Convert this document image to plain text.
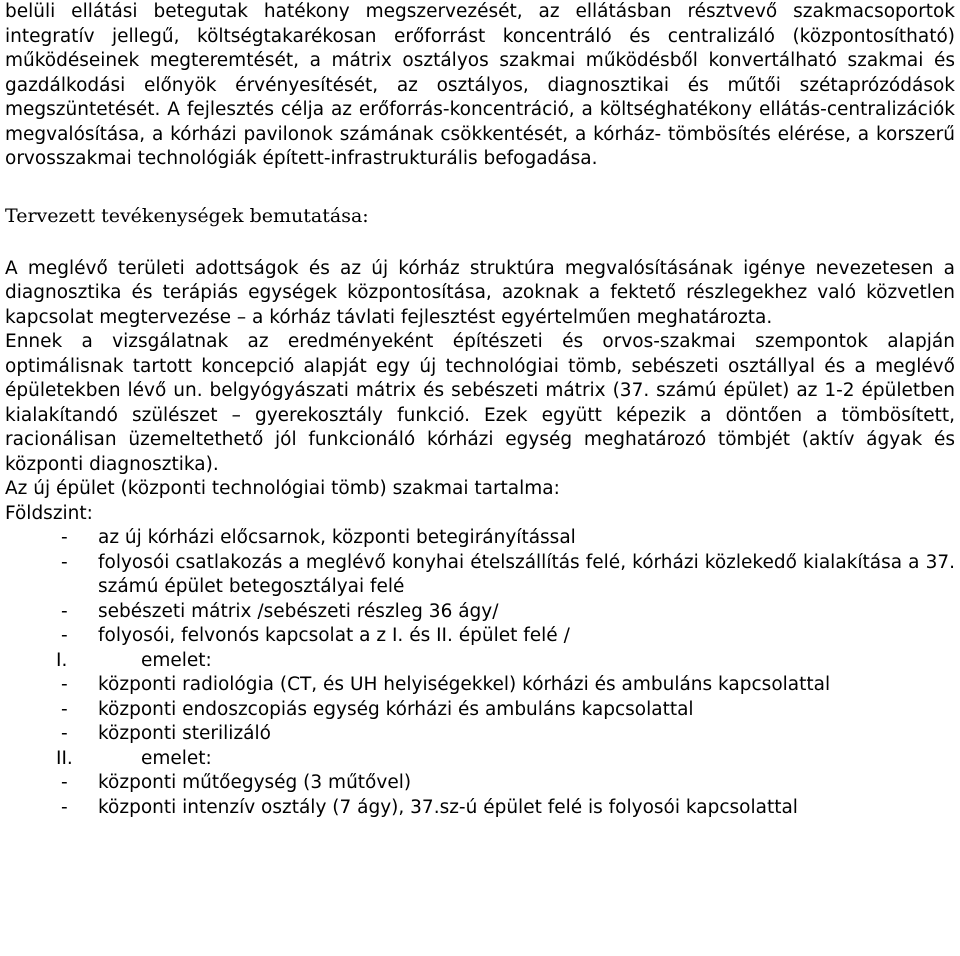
belüli ellátási betegutak hatékony megszervezését, az ellátásban résztvevő szakmacsoportok integratív jellegű, költségtakarékosan erőforrást koncentráló és centralizáló (központosítható) működéseinek megteremtését, a mátrix osztályos szakmai működésből konvertálható szakmai és gazdálkodási előnyök érvényesítését, az osztályos, diagnosztikai és műtői szétaprózódások megszüntetését. A fejlesztés célja az erőforrás-koncentráció, a költséghatékony ellátás-centralizációk megvalósítása, a kórházi pavilonok számának csökkentését, a kórház- tömbösítés elérése, a korszerű orvosszakmai technológiák épített-infrastrukturális befogadása.

Tervezett tevékenységek bemutatása:

A meglévő területi adottságok és az új kórház struktúra megvalósításának igénye nevezetesen a diagnosztika és terápiás egységek központosítása, azoknak a fektető részlegekhez való közvetlen kapcsolat megtervezése – a kórház távlati fejlesztést egyértelműen meghatározta.

Ennek a vizsgálatnak az eredményeként építészeti és orvos-szakmai szempontok alapján optimálisnak tartott koncepció alapját egy új technológiai tömb, sebészeti osztállyal és a meglévő épületekben lévő un. belgyógyászati mátrix és sebészeti mátrix (37. számú épület) az 1-2 épületben kialakítandó szülészet – gyerekosztály funkció. Ezek együtt képezik a döntően a tömbösített, racionálisan üzemeltethető jól funkcionáló kórházi egység meghatározó tömbjét (aktív ágyak és központi diagnosztika).

Az új épület (központi technológiai tömb) szakmai tartalma:

Földszint:

- az új kórházi előcsarnok, központi betegirányítással
- folyosói csatlakozás a meglévő konyhai ételszállítás felé, kórházi közlekedő kialakítása a 37. számú épület betegosztályai felé
- sebészeti mátrix /sebészeti részleg 36 ágy/
- folyosói, felvonós kapcsolat a z I. és II. épület felé /

I.	emelet:

- központi radiológia (CT, és UH helyiségekkel) kórházi és ambuláns kapcsolattal
- központi endoszcopiás egység kórházi és ambuláns kapcsolattal
- központi sterilizáló

II.	emelet:

- központi műtőegység (3 műtővel)
- központi intenzív osztály (7 ágy), 37.sz-ú épület felé is folyosói kapcsolattal
